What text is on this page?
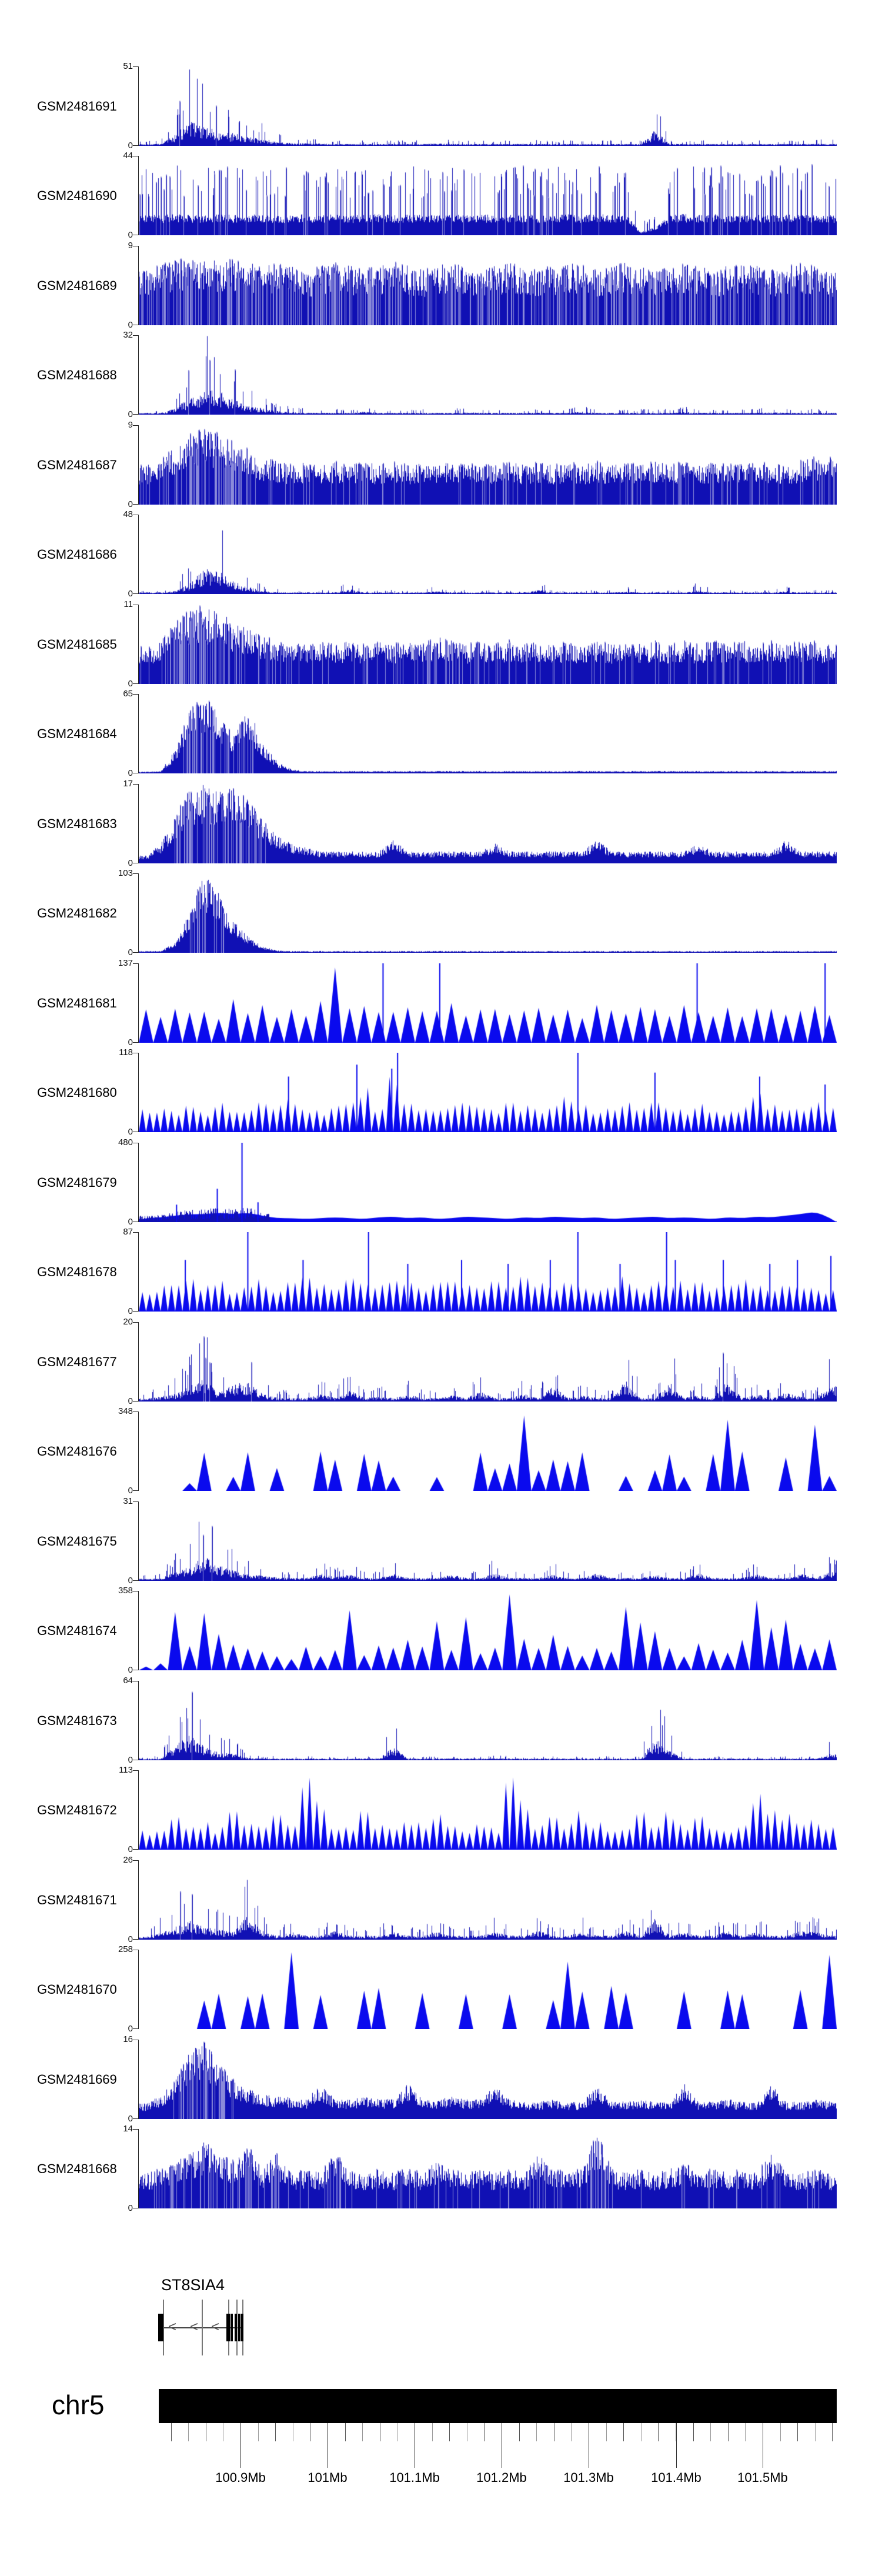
GSM2481691
51
0
GSM2481690
44
0
GSM2481689
9
0
GSM2481688
32
0
GSM2481687
9
0
GSM2481686
48
0
GSM2481685
11
0
GSM2481684
65
0
GSM2481683
17
0
GSM2481682
103
0
GSM2481681
137
0
GSM2481680
118
0
GSM2481679
480
0
GSM2481678
87
0
GSM2481677
20
0
GSM2481676
348
0
GSM2481675
31
0
GSM2481674
358
0
GSM2481673
64
0
GSM2481672
113
0
GSM2481671
26
0
GSM2481670
258
0
GSM2481669
16
0
GSM2481668
14
0
ST8SIA4
< < <
chr5
100.9Mb	101Mb	101.1Mb	101.2Mb	101.3Mb	101.4Mb	101.5Mb
